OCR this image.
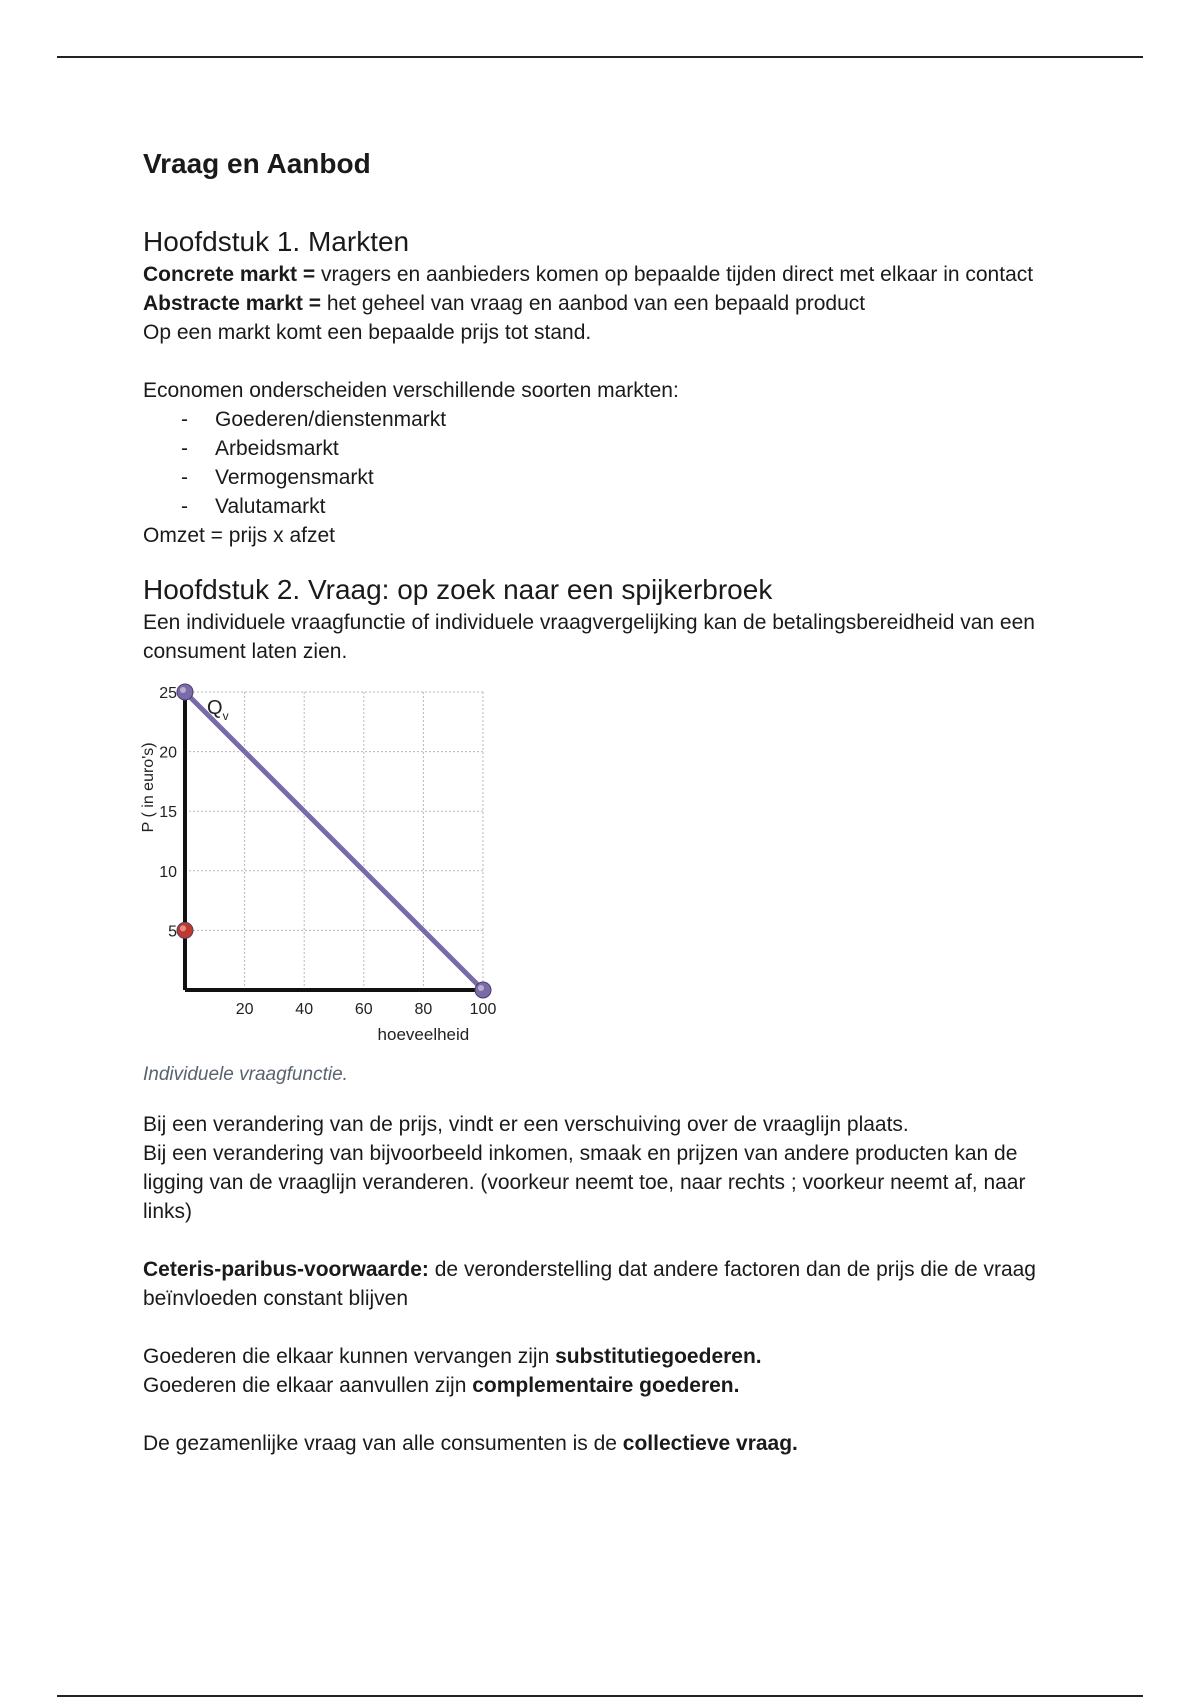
Vraag en Aanbod
Hoofdstuk 1. Markten

Concrete markt = vragers en aanbieders komen op bepaalde tijden direct met elkaar in contact

Abstracte markt = het geheel van vraag en aanbod van een bepaald product

Op een markt komt een bepaalde prijs tot stand.

Economen onderscheiden verschillende soorten markten:

- Goederen/dienstenmarkt
- Arbeidsmarkt
- Vermogensmarkt
- Valutamarkt

Omzet = prijs x afzet

Hoofdstuk 2. Vraag: op zoek naar een spijkerbroek

Een individuele vraagfunctie of individuele vraagvergelijking kan de betalingsbereidheid van een consument laten zien.

20	40	60	80 100
5
10
15
20
25
hoeveelheid
P ( in euro's)
$Q_v$

Individuele vraagfunctie.

Bij een verandering van de prijs, vindt er een verschuiving over de vraaglijn plaats.

Bij een verandering van bijvoorbeeld inkomen, smaak en prijzen van andere producten kan de ligging van de vraaglijn veranderen. (voorkeur neemt toe, naar rechts ; voorkeur neemt af, naar links)

Ceteris-paribus-voorwaarde: de veronderstelling dat andere factoren dan de prijs die de vraag beïnvloeden constant blijven

Goederen die elkaar kunnen vervangen zijn substitutiegoederen.

Goederen die elkaar aanvullen zijn complementaire goederen.

De gezamenlijke vraag van alle consumenten is de collectieve vraag.
